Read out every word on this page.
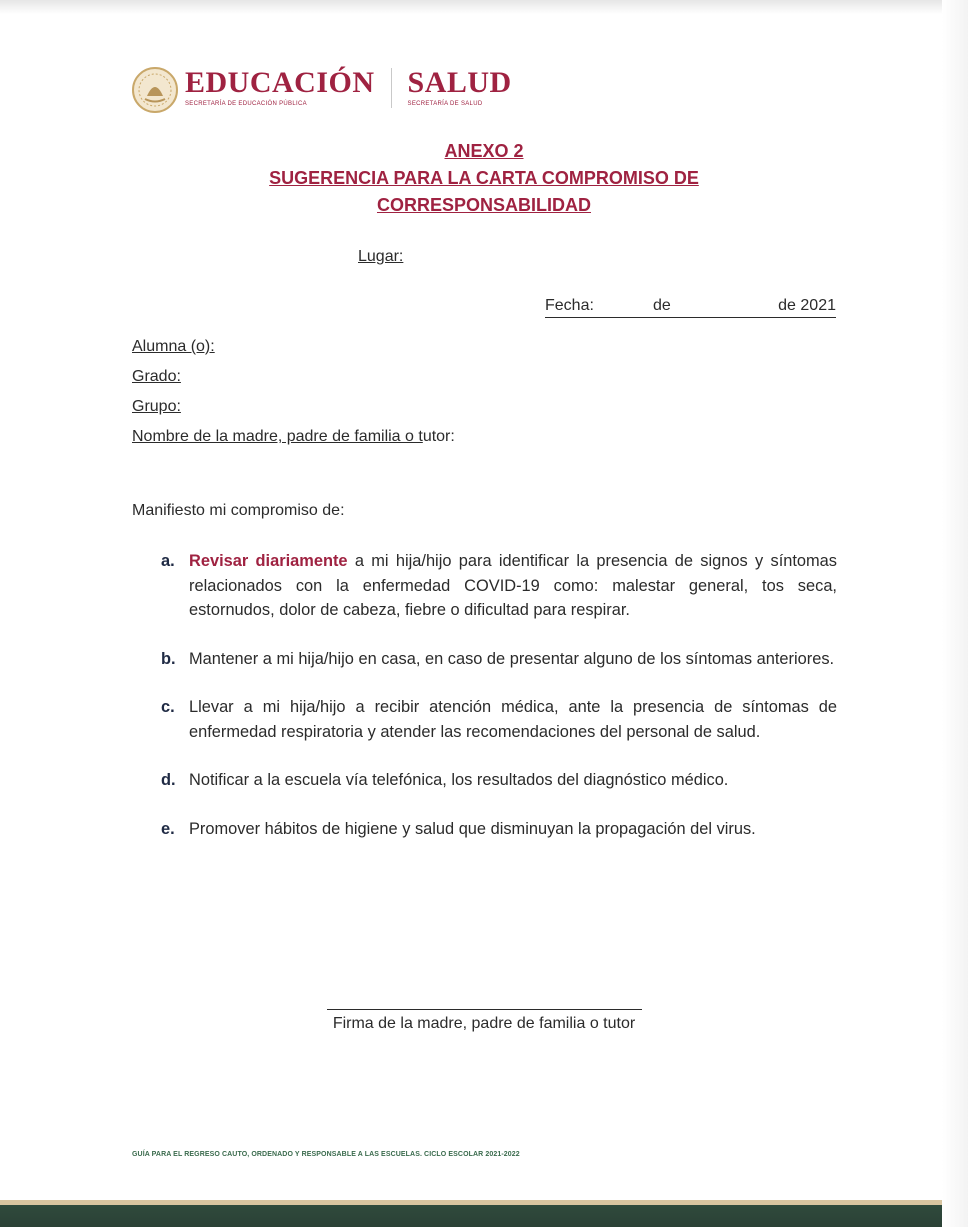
EDUCACIÓN
SECRETARÍA DE EDUCACIÓN PÚBLICA
SALUD
SECRETARÍA DE SALUD
ANEXO 2
SUGERENCIA PARA LA CARTA COMPROMISO DE
CORRESPONSABILIDAD
Lugar:
Fecha:	de	de 2021
Alumna (o):
Grado:
Grupo:
Nombre de la madre, padre de familia o tutor:
Manifiesto mi compromiso de:
a. Revisar diariamente a mi hija/hijo para identificar la presencia de signos y síntomas relacionados con la enfermedad COVID-19 como: malestar general, tos seca, estornudos, dolor de cabeza, fiebre o dificultad para respirar.
b. Mantener a mi hija/hijo en casa, en caso de presentar alguno de los síntomas anteriores.
c. Llevar a mi hija/hijo a recibir atención médica, ante la presencia de síntomas de enfermedad respiratoria y atender las recomendaciones del personal de salud.
d. Notificar a la escuela vía telefónica, los resultados del diagnóstico médico.
e. Promover hábitos de higiene y salud que disminuyan la propagación del virus.
Firma de la madre, padre de familia o tutor
GUÍA PARA EL REGRESO CAUTO, ORDENADO Y RESPONSABLE A LAS ESCUELAS. CICLO ESCOLAR 2021-2022
